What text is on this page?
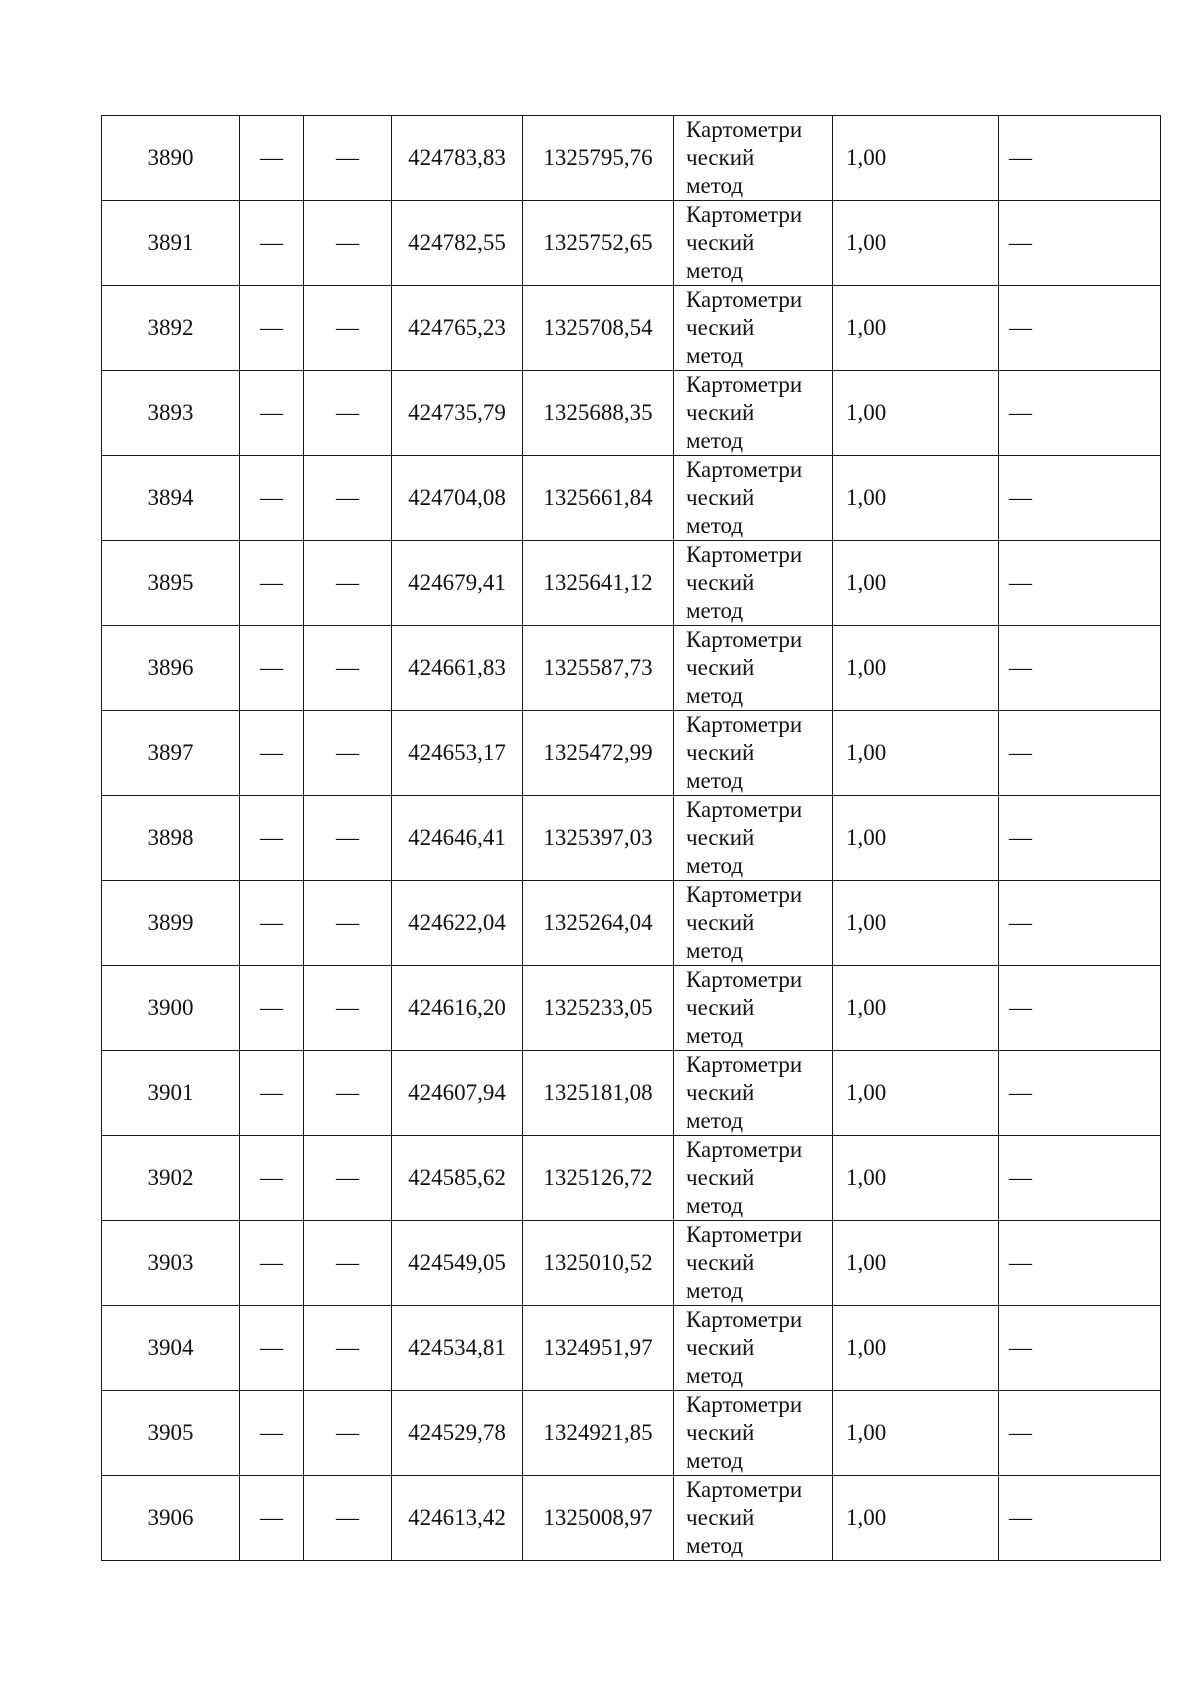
3890	—	—	424783,83	1325795,76	Картометри
ческий
метод	1,00	—
3891	—	—	424782,55	1325752,65	Картометри
ческий
метод	1,00	—
3892	—	—	424765,23	1325708,54	Картометри
ческий
метод	1,00	—
3893	—	—	424735,79	1325688,35	Картометри
ческий
метод	1,00	—
3894	—	—	424704,08	1325661,84	Картометри
ческий
метод	1,00	—
3895	—	—	424679,41	1325641,12	Картометри
ческий
метод	1,00	—
3896	—	—	424661,83	1325587,73	Картометри
ческий
метод	1,00	—
3897	—	—	424653,17	1325472,99	Картометри
ческий
метод	1,00	—
3898	—	—	424646,41	1325397,03	Картометри
ческий
метод	1,00	—
3899	—	—	424622,04	1325264,04	Картометри
ческий
метод	1,00	—
3900	—	—	424616,20	1325233,05	Картометри
ческий
метод	1,00	—
3901	—	—	424607,94	1325181,08	Картометри
ческий
метод	1,00	—
3902	—	—	424585,62	1325126,72	Картометри
ческий
метод	1,00	—
3903	—	—	424549,05	1325010,52	Картометри
ческий
метод	1,00	—
3904	—	—	424534,81	1324951,97	Картометри
ческий
метод	1,00	—
3905	—	—	424529,78	1324921,85	Картометри
ческий
метод	1,00	—
3906	—	—	424613,42	1325008,97	Картометри
ческий
метод	1,00	—
